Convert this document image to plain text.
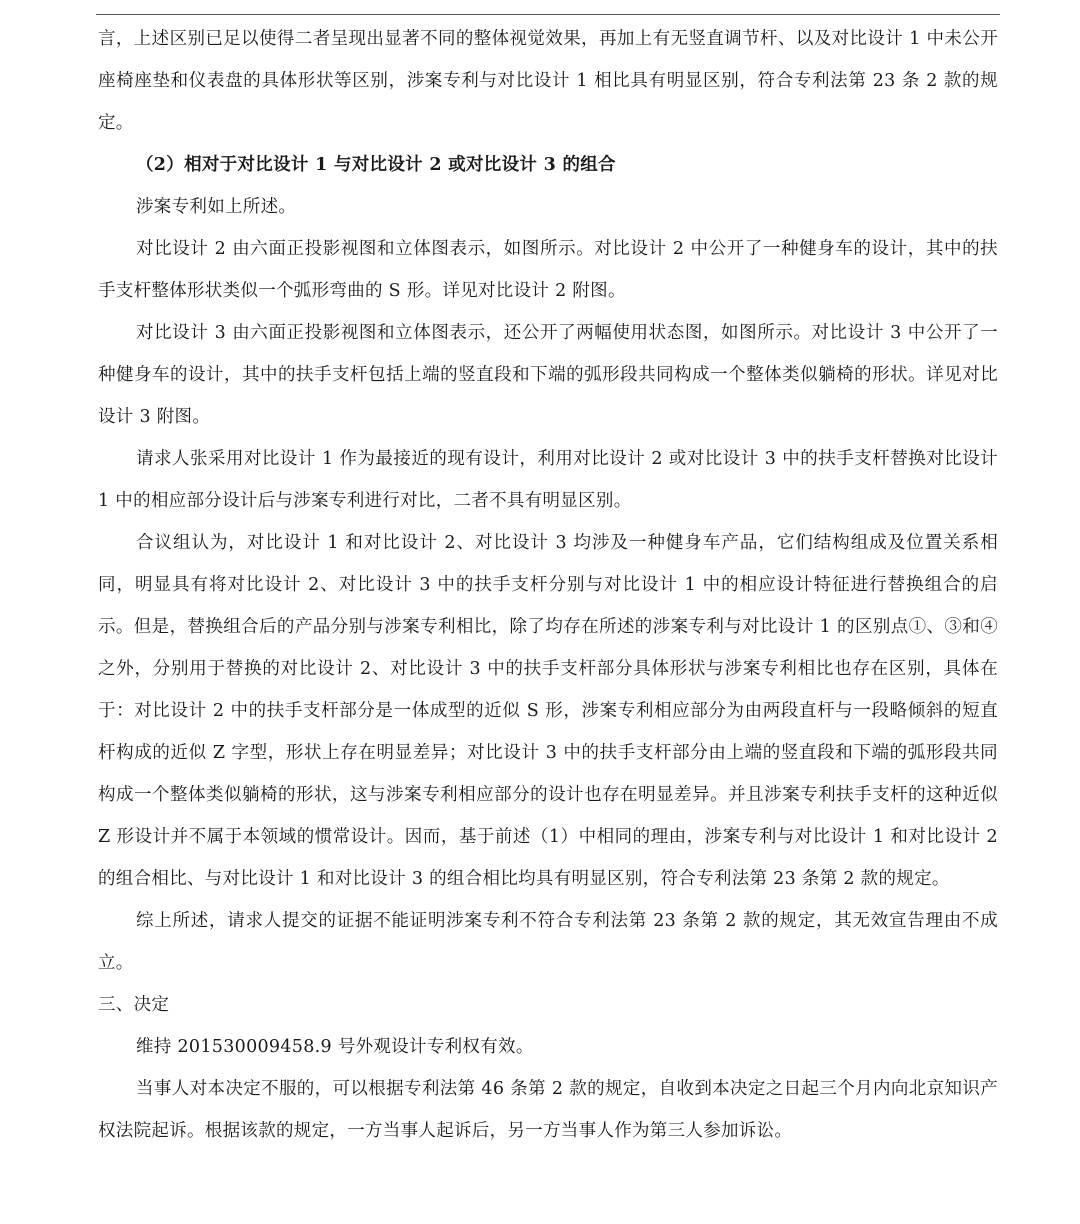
言，上述区别已足以使得二者呈现出显著不同的整体视觉效果，再加上有无竖直调节杆、以及对比设计 1 中未公开座椅座垫和仪表盘的具体形状等区别，涉案专利与对比设计 1 相比具有明显区别，符合专利法第 23 条 2 款的规定。

（2）相对于对比设计 1 与对比设计 2 或对比设计 3 的组合

涉案专利如上所述。

对比设计 2 由六面正投影视图和立体图表示，如图所示。对比设计 2 中公开了一种健身车的设计，其中的扶手支杆整体形状类似一个弧形弯曲的 S 形。详见对比设计 2 附图。

对比设计 3 由六面正投影视图和立体图表示，还公开了两幅使用状态图，如图所示。对比设计 3 中公开了一种健身车的设计，其中的扶手支杆包括上端的竖直段和下端的弧形段共同构成一个整体类似躺椅的形状。详见对比设计 3 附图。

请求人张采用对比设计 1 作为最接近的现有设计，利用对比设计 2 或对比设计 3 中的扶手支杆替换对比设计 1 中的相应部分设计后与涉案专利进行对比，二者不具有明显区别。

合议组认为，对比设计 1 和对比设计 2、对比设计 3 均涉及一种健身车产品，它们结构组成及位置关系相同，明显具有将对比设计 2、对比设计 3 中的扶手支杆分别与对比设计 1 中的相应设计特征进行替换组合的启示。但是，替换组合后的产品分别与涉案专利相比，除了均存在所述的涉案专利与对比设计 1 的区别点①、③和④之外，分别用于替换的对比设计 2、对比设计 3 中的扶手支杆部分具体形状与涉案专利相比也存在区别，具体在于：对比设计 2 中的扶手支杆部分是一体成型的近似 S 形，涉案专利相应部分为由两段直杆与一段略倾斜的短直杆构成的近似 Z 字型，形状上存在明显差异；对比设计 3 中的扶手支杆部分由上端的竖直段和下端的弧形段共同构成一个整体类似躺椅的形状，这与涉案专利相应部分的设计也存在明显差异。并且涉案专利扶手支杆的这种近似 Z 形设计并不属于本领域的惯常设计。因而，基于前述（1）中相同的理由，涉案专利与对比设计 1 和对比设计 2 的组合相比、与对比设计 1 和对比设计 3 的组合相比均具有明显区别，符合专利法第 23 条第 2 款的规定。

综上所述，请求人提交的证据不能证明涉案专利不符合专利法第 23 条第 2 款的规定，其无效宣告理由不成立。

三、决定

维持 201530009458.9 号外观设计专利权有效。

当事人对本决定不服的，可以根据专利法第 46 条第 2 款的规定，自收到本决定之日起三个月内向北京知识产权法院起诉。根据该款的规定，一方当事人起诉后，另一方当事人作为第三人参加诉讼。
